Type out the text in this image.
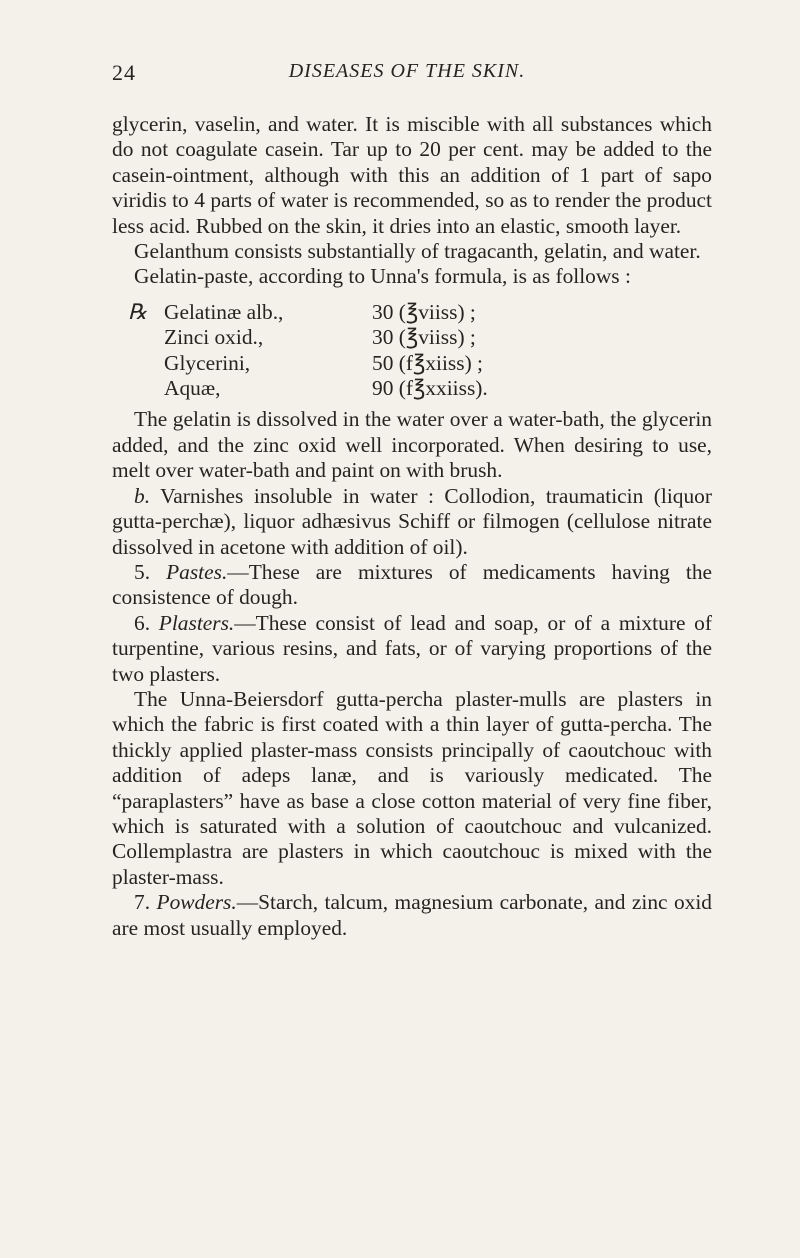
24	DISEASES OF THE SKIN.

glycerin, vaselin, and water. It is miscible with all substances which do not coagulate casein. Tar up to 20 per cent. may be added to the casein-ointment, although with this an addition of 1 part of sapo viridis to 4 parts of water is recommended, so as to render the product less acid. Rubbed on the skin, it dries into an elastic, smooth layer.

Gelanthum consists substantially of tragacanth, gelatin, and water.

Gelatin-paste, according to Unna's formula, is as follows :

℞ Gelatinæ alb.,	30 (℥viiss) ;
Zinci oxid.,	30 (℥viiss) ;
Glycerini,	50 (f℥xiiss) ;
Aquæ,	90 (f℥xxiiss).

The gelatin is dissolved in the water over a water-bath, the glycerin added, and the zinc oxid well incorporated. When desiring to use, melt over water-bath and paint on with brush.

b. Varnishes insoluble in water : Collodion, traumaticin (liquor gutta-perchæ), liquor adhæsivus Schiff or filmogen (cellulose nitrate dissolved in acetone with addition of oil).

5. Pastes.—These are mixtures of medicaments having the consistence of dough.

6. Plasters.—These consist of lead and soap, or of a mixture of turpentine, various resins, and fats, or of varying proportions of the two plasters.

The Unna-Beiersdorf gutta-percha plaster-mulls are plasters in which the fabric is first coated with a thin layer of gutta-percha. The thickly applied plaster-mass consists principally of caoutchouc with addition of adeps lanæ, and is variously medicated. The “paraplasters” have as base a close cotton material of very fine fiber, which is saturated with a solution of caoutchouc and vulcanized. Collemplastra are plasters in which caoutchouc is mixed with the plaster-mass.

7. Powders.—Starch, talcum, magnesium carbonate, and zinc oxid are most usually employed.
